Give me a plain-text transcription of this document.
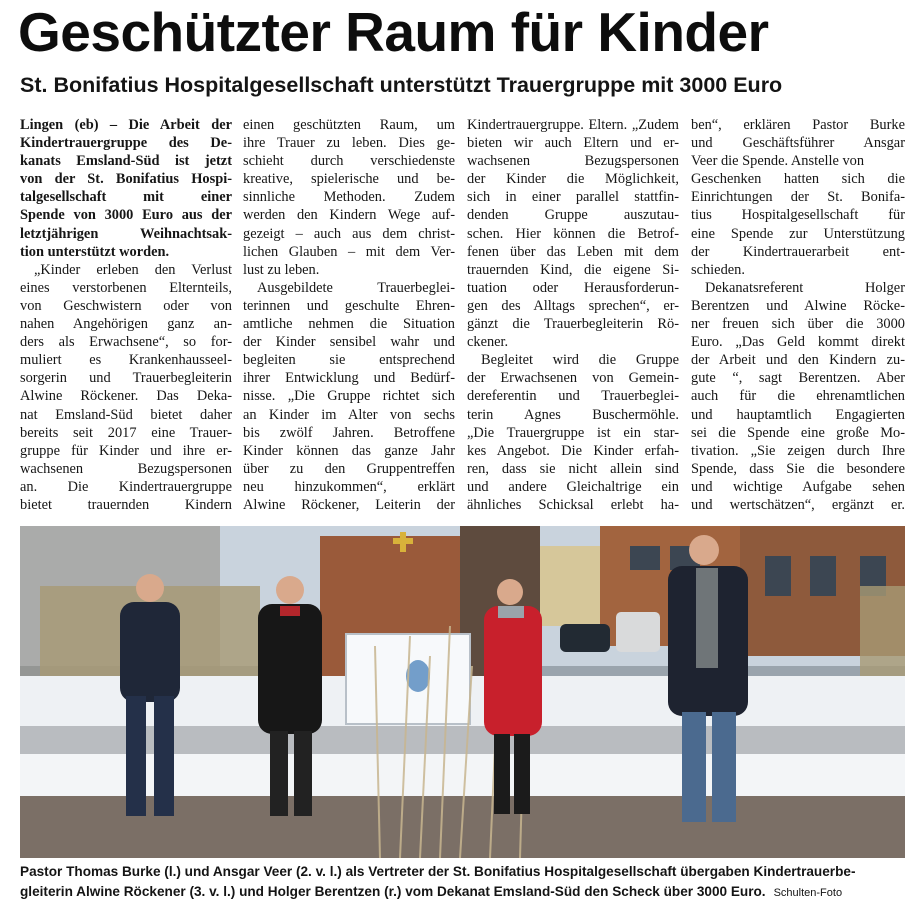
Geschützter Raum für Kinder
St. Bonifatius Hospitalgesellschaft unterstützt Trauergruppe mit 3000 Euro
Lingen (eb) – Die Arbeit der
Kindertrauergruppe des De-
kanats Emsland-Süd ist jetzt
von der St. Bonifatius Hospi-
talgesellschaft mit einer
Spende von 3000 Euro aus der
letztjährigen Weihnachtsak-
tion unterstützt worden.
„Kinder erleben den Verlust
eines verstorbenen Elternteils,
von Geschwistern oder von
nahen Angehörigen ganz an-
ders als Erwachsene“, so for-
muliert es Krankenhausseel-
sorgerin und Trauerbegleiterin
Alwine Röckener. Das Deka-
nat Emsland-Süd bietet daher
bereits seit 2017 eine Trauer-
gruppe für Kinder und ihre er-
wachsenen Bezugspersonen
an. Die Kindertrauergruppe
bietet trauernden Kindern
einen geschützten Raum, um
ihre Trauer zu leben. Dies ge-
schieht durch verschiedenste
kreative, spielerische und be-
sinnliche Methoden. Zudem
werden den Kindern Wege auf-
gezeigt – auch aus dem christ-
lichen Glauben – mit dem Ver-
lust zu leben.
Ausgebildete Trauerbeglei-
terinnen und geschulte Ehren-
amtliche nehmen die Situation
der Kinder sensibel wahr und
begleiten sie entsprechend
ihrer Entwicklung und Bedürf-
nisse. „Die Gruppe richtet sich
an Kinder im Alter von sechs
bis zwölf Jahren. Betroffene
Kinder können das ganze Jahr
über zu den Gruppentreffen
neu hinzukommen“, erklärt
Alwine Röckener, Leiterin der
Kindertrauergruppe. Eltern. „Zudem
bieten wir auch Eltern und er-
wachsenen Bezugspersonen
der Kinder die Möglichkeit,
sich in einer parallel stattfin-
denden Gruppe auszutau-
schen. Hier können die Betrof-
fenen über das Leben mit dem
trauernden Kind, die eigene Si-
tuation oder Herausforderun-
gen des Alltags sprechen“, er-
gänzt die Trauerbegleiterin Rö-
ckener.
Begleitet wird die Gruppe
der Erwachsenen von Gemein-
dereferentin und Trauerbeglei-
terin Agnes Buschermöhle.
„Die Trauergruppe ist ein star-
kes Angebot. Die Kinder erfah-
ren, dass sie nicht allein sind
und andere Gleichaltrige ein
ähnliches Schicksal erlebt ha-
ben“, erklären Pastor Burke
und Geschäftsführer Ansgar
Veer die Spende. Anstelle von
Geschenken hatten sich die
Einrichtungen der St. Bonifa-
tius Hospitalgesellschaft für
eine Spende zur Unterstützung
der Kindertrauerarbeit ent-
schieden.
Dekanatsreferent Holger
Berentzen und Alwine Röcke-
ner freuen sich über die 3000
Euro. „Das Geld kommt direkt
der Arbeit und den Kindern zu-
gute “, sagt Berentzen. Aber
auch für die ehrenamtlichen
und hauptamtlich Engagierten
sei die Spende eine große Mo-
tivation. „Sie zeigen durch Ihre
Spende, dass Sie die besondere
und wichtige Aufgabe sehen
und wertschätzen“, ergänzt er.
Pastor Thomas Burke (l.) und Ansgar Veer (2. v. l.) als Vertreter der St. Bonifatius Hospitalgesellschaft übergaben Kindertrauerbe-
gleiterin Alwine Röckener (3. v. l.) und Holger Berentzen (r.) vom Dekanat Emsland-Süd den Scheck über 3000 Euro. Schulten-Foto
